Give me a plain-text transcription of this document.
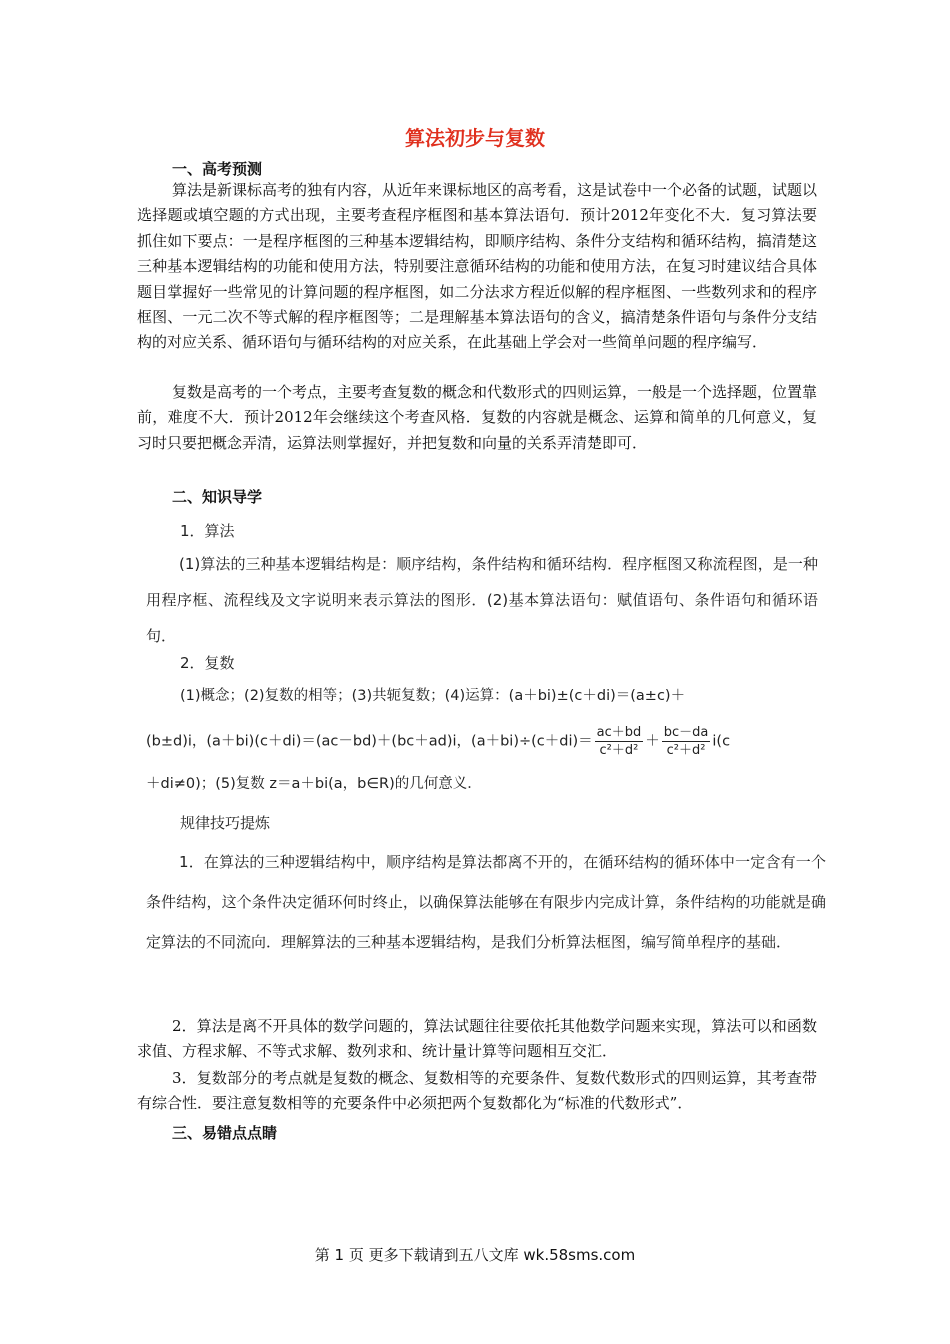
算法初步与复数
一、高考预测
算法是新课标高考的独有内容，从近年来课标地区的高考看，这是试卷中一个必备的试题，试题以选择题或填空题的方式出现，主要考查程序框图和基本算法语句．预计2012年变化不大．复习算法要抓住如下要点：一是程序框图的三种基本逻辑结构，即顺序结构、条件分支结构和循环结构，搞清楚这三种基本逻辑结构的功能和使用方法，特别要注意循环结构的功能和使用方法，在复习时建议结合具体题目掌握好一些常见的计算问题的程序框图，如二分法求方程近似解的程序框图、一些数列求和的程序框图、一元二次不等式解的程序框图等；二是理解基本算法语句的含义，搞清楚条件语句与条件分支结构的对应关系、循环语句与循环结构的对应关系，在此基础上学会对一些简单问题的程序编写．
复数是高考的一个考点，主要考查复数的概念和代数形式的四则运算，一般是一个选择题，位置靠前，难度不大．预计2012年会继续这个考查风格．复数的内容就是概念、运算和简单的几何意义，复习时只要把概念弄清，运算法则掌握好，并把复数和向量的关系弄清楚即可．
二、知识导学
1．算法
(1)算法的三种基本逻辑结构是：顺序结构，条件结构和循环结构．程序框图又称流程图，是一种用程序框、流程线及文字说明来表示算法的图形．(2)基本算法语句：赋值语句、条件语句和循环语句．
2．复数
(1)概念；(2)复数的相等；(3)共轭复数；(4)运算：(a＋bi)±(c＋di)＝(a±c)＋
(b±d)i，(a＋bi)(c＋di)＝(ac－bd)＋(bc＋ad)i，$(a+bi)\div(c+di)= \frac{ac+bd}{\text{c²＋d²}} + \frac{bc-da}{\text{c²＋d²}} i(c$
＋di≠0)；(5)复数 z＝a＋bi(a，b∈R)的几何意义．
规律技巧提炼
1．在算法的三种逻辑结构中，顺序结构是算法都离不开的，在循环结构的循环体中一定含有一个条件结构，这个条件决定循环何时终止，以确保算法能够在有限步内完成计算，条件结构的功能就是确定算法的不同流向．理解算法的三种基本逻辑结构，是我们分析算法框图，编写简单程序的基础．
2．算法是离不开具体的数学问题的，算法试题往往要依托其他数学问题来实现，算法可以和函数求值、方程求解、不等式求解、数列求和、统计量计算等问题相互交汇．
3．复数部分的考点就是复数的概念、复数相等的充要条件、复数代数形式的四则运算，其考查带有综合性．要注意复数相等的充要条件中必须把两个复数都化为“标准的代数形式”．
三、易错点点睛
第 1 页 更多下载请到五八文库 wk.58sms.com
